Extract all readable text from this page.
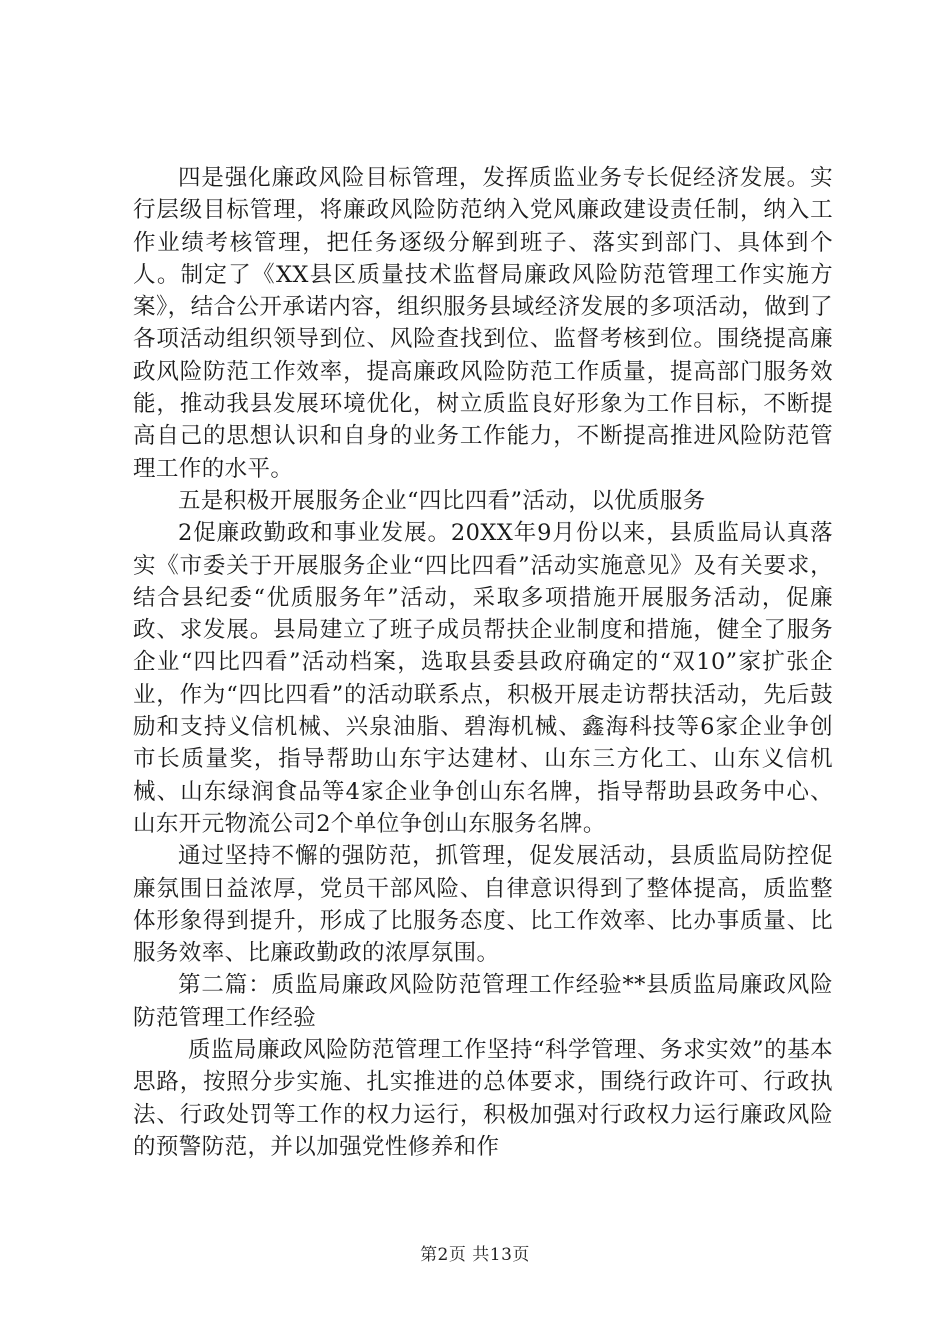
四是强化廉政风险目标管理，发挥质监业务专长促经济发展。实行层级目标管理，将廉政风险防范纳入党风廉政建设责任制，纳入工作业绩考核管理，把任务逐级分解到班子、落实到部门、具体到个人。制定了《XX县区质量技术监督局廉政风险防范管理工作实施方案》，结合公开承诺内容，组织服务县域经济发展的多项活动，做到了各项活动组织领导到位、风险查找到位、监督考核到位。围绕提高廉政风险防范工作效率，提高廉政风险防范工作质量，提高部门服务效能，推动我县发展环境优化，树立质监良好形象为工作目标，不断提高自己的思想认识和自身的业务工作能力，不断提高推进风险防范管理工作的水平。

五是积极开展服务企业“四比四看”活动，以优质服务

2促廉政勤政和事业发展。20XX年9月份以来，县质监局认真落实《市委关于开展服务企业“四比四看”活动实施意见》及有关要求，结合县纪委“优质服务年”活动，采取多项措施开展服务活动，促廉政、求发展。县局建立了班子成员帮扶企业制度和措施，健全了服务企业“四比四看”活动档案，选取县委县政府确定的“双10”家扩张企业，作为“四比四看”的活动联系点，积极开展走访帮扶活动，先后鼓励和支持义信机械、兴泉油脂、碧海机械、鑫海科技等6家企业争创市长质量奖，指导帮助山东宇达建材、山东三方化工、山东义信机械、山东绿润食品等4家企业争创山东名牌，指导帮助县政务中心、山东开元物流公司2个单位争创山东服务名牌。

通过坚持不懈的强防范，抓管理，促发展活动，县质监局防控促廉氛围日益浓厚，党员干部风险、自律意识得到了整体提高，质监整体形象得到提升，形成了比服务态度、比工作效率、比办事质量、比服务效率、比廉政勤政的浓厚氛围。

第二篇：质监局廉政风险防范管理工作经验**县质监局廉政风险防范管理工作经验

质监局廉政风险防范管理工作坚持“科学管理、务求实效”的基本思路，按照分步实施、扎实推进的总体要求，围绕行政许可、行政执法、行政处罚等工作的权力运行，积极加强对行政权力运行廉政风险的预警防范，并以加强党性修养和作

第2页 共13页
